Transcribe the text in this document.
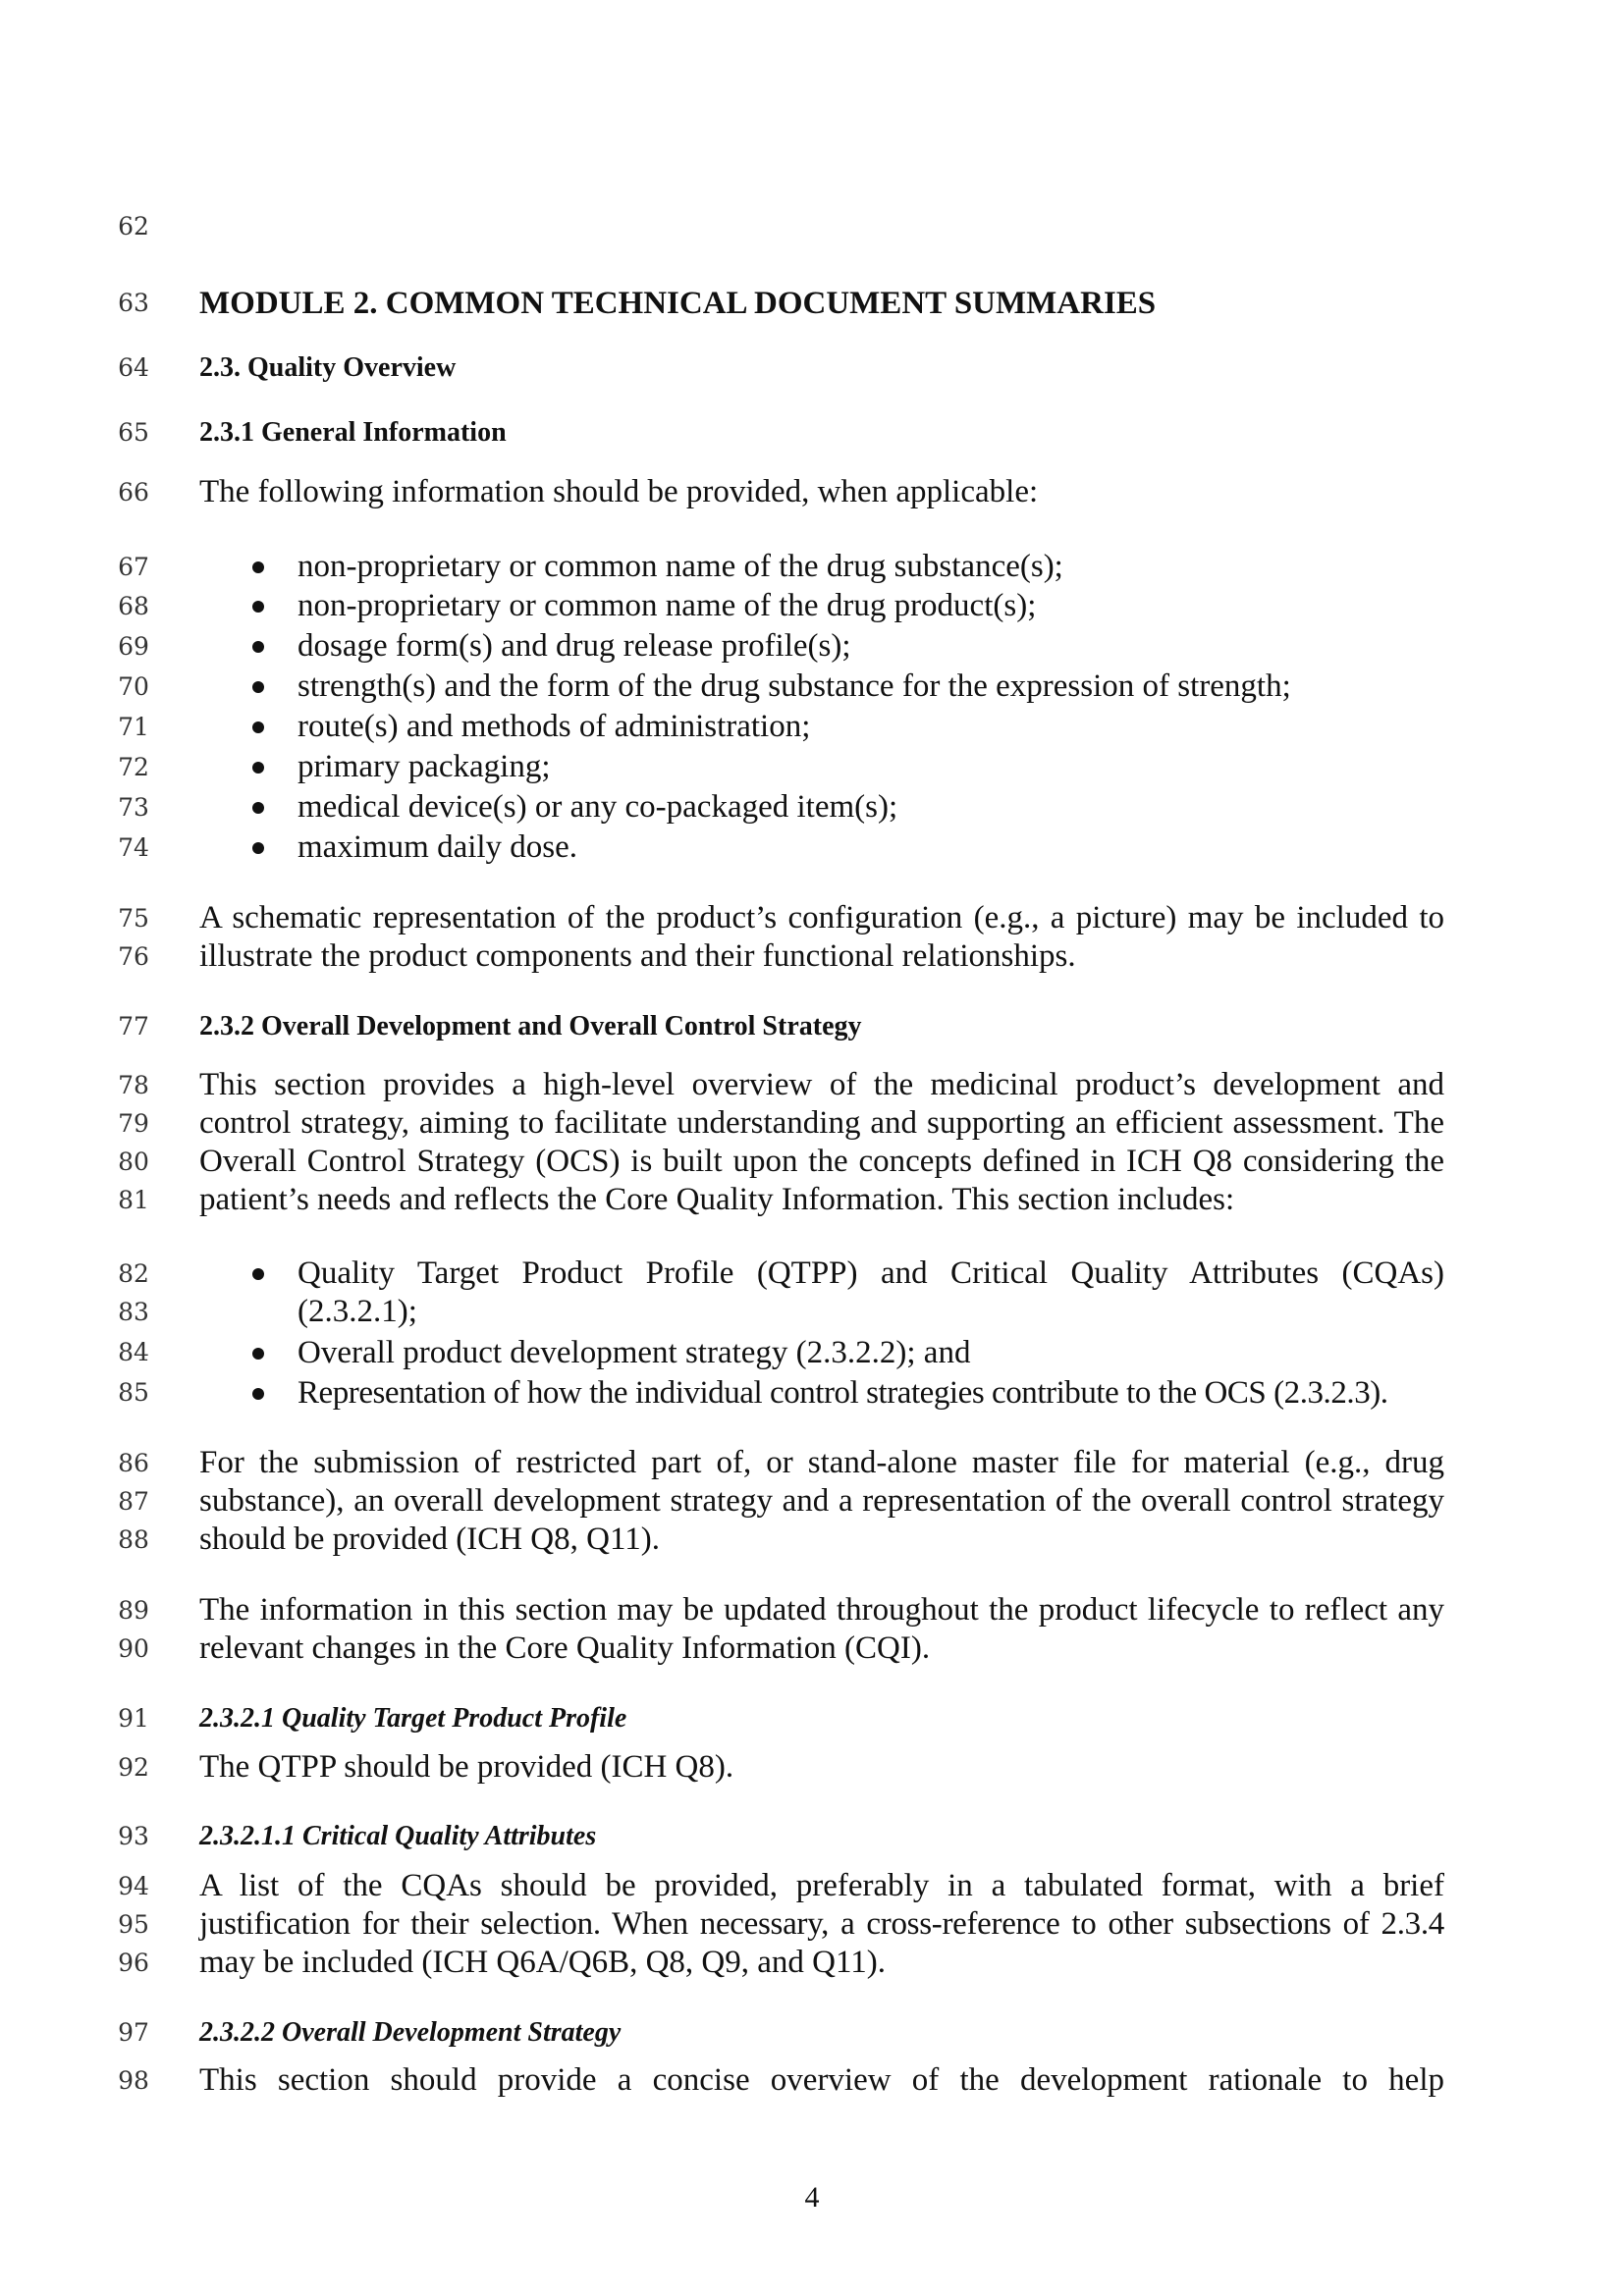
62
63
64
65
66
67
68
69
70
71
72
73
74
75
76
77
78
79
80
81
82
83
84
85
86
87
88
89
90
91
92
93
94
95
96
97
98
MODULE 2. COMMON TECHNICAL DOCUMENT SUMMARIES
2.3. Quality Overview
2.3.1 General Information
The following information should be provided, when applicable:
non-proprietary or common name of the drug substance(s);
non-proprietary or common name of the drug product(s);
dosage form(s) and drug release profile(s);
strength(s) and the form of the drug substance for the expression of strength;
route(s) and methods of administration;
primary packaging;
medical device(s) or any co-packaged item(s);
maximum daily dose.
A schematic representation of the product’s configuration (e.g., a picture) may be included to
illustrate the product components and their functional relationships.
2.3.2 Overall Development and Overall Control Strategy
This section provides a high-level overview of the medicinal product’s development and
control strategy, aiming to facilitate understanding and supporting an efficient assessment. The
Overall Control Strategy (OCS) is built upon the concepts defined in ICH Q8 considering the
patient’s needs and reflects the Core Quality Information. This section includes:
Quality Target Product Profile (QTPP) and Critical Quality Attributes (CQAs)
(2.3.2.1);
Overall product development strategy (2.3.2.2); and
Representation of how the individual control strategies contribute to the OCS (2.3.2.3).
For the submission of restricted part of, or stand-alone master file for material (e.g., drug
substance), an overall development strategy and a representation of the overall control strategy
should be provided (ICH Q8, Q11).
The information in this section may be updated throughout the product lifecycle to reflect any
relevant changes in the Core Quality Information (CQI).
2.3.2.1 Quality Target Product Profile
The QTPP should be provided (ICH Q8).
2.3.2.1.1 Critical Quality Attributes
A list of the CQAs should be provided, preferably in a tabulated format, with a brief
justification for their selection. When necessary, a cross-reference to other subsections of 2.3.4
may be included (ICH Q6A/Q6B, Q8, Q9, and Q11).
2.3.2.2 Overall Development Strategy
This section should provide a concise overview of the development rationale to help
4
